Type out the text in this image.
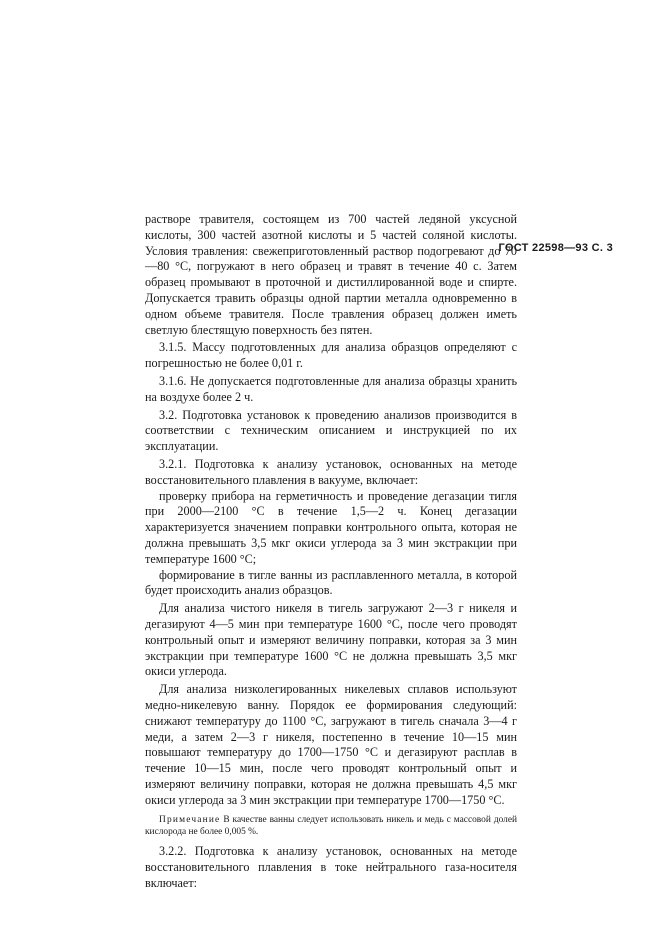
ГОСТ 22598—93 С. 3

растворе травителя, состоящем из 700 частей ледяной уксусной кислоты, 300 частей азотной кислоты и 5 частей соляной кислоты. Условия травления: свежеприготовленный раствор подогревают до 70—80 °С, погружают в него образец и травят в течение 40 с. Затем образец промывают в проточной и дистиллированной воде и спирте. Допускается травить образцы одной партии металла одновременно в одном объеме травителя. После травления образец должен иметь светлую блестящую поверхность без пятен.

3.1.5. Массу подготовленных для анализа образцов определяют с погрешностью не более 0,01 г.

3.1.6. Не допускается подготовленные для анализа образцы хранить на воздухе более 2 ч.

3.2. Подготовка установок к проведению анализов производится в соответствии с техническим описанием и инструкцией по их эксплуатации.

3.2.1. Подготовка к анализу установок, основанных на методе восстановительного плавления в вакууме, включает:

проверку прибора на герметичность и проведение дегазации тигля при 2000—2100 °С в течение 1,5—2 ч. Конец дегазации характеризуется значением поправки контрольного опыта, которая не должна превышать 3,5 мкг окиси углерода за 3 мин экстракции при температуре 1600 °С;

формирование в тигле ванны из расплавленного металла, в которой будет происходить анализ образцов.

Для анализа чистого никеля в тигель загружают 2—3 г никеля и дегазируют 4—5 мин при температуре 1600 °С, после чего проводят контрольный опыт и измеряют величину поправки, которая за 3 мин экстракции при температуре 1600 °С не должна превышать 3,5 мкг окиси углерода.

Для анализа низколегированных никелевых сплавов используют медно-никелевую ванну. Порядок ее формирования следующий: снижают температуру до 1100 °С, загружают в тигель сначала 3—4 г меди, а затем 2—3 г никеля, постепенно в течение 10—15 мин повышают температуру до 1700—1750 °С и дегазируют расплав в течение 10—15 мин, после чего проводят контрольный опыт и измеряют величину поправки, которая не должна превышать 4,5 мкг окиси углерода за 3 мин экстракции при температуре 1700—1750 °С.

Примечание В качестве ванны следует использовать никель и медь с массовой долей кислорода не более 0,005 %.

3.2.2. Подготовка к анализу установок, основанных на методе восстановительного плавления в токе нейтрального газа-носителя включает:
